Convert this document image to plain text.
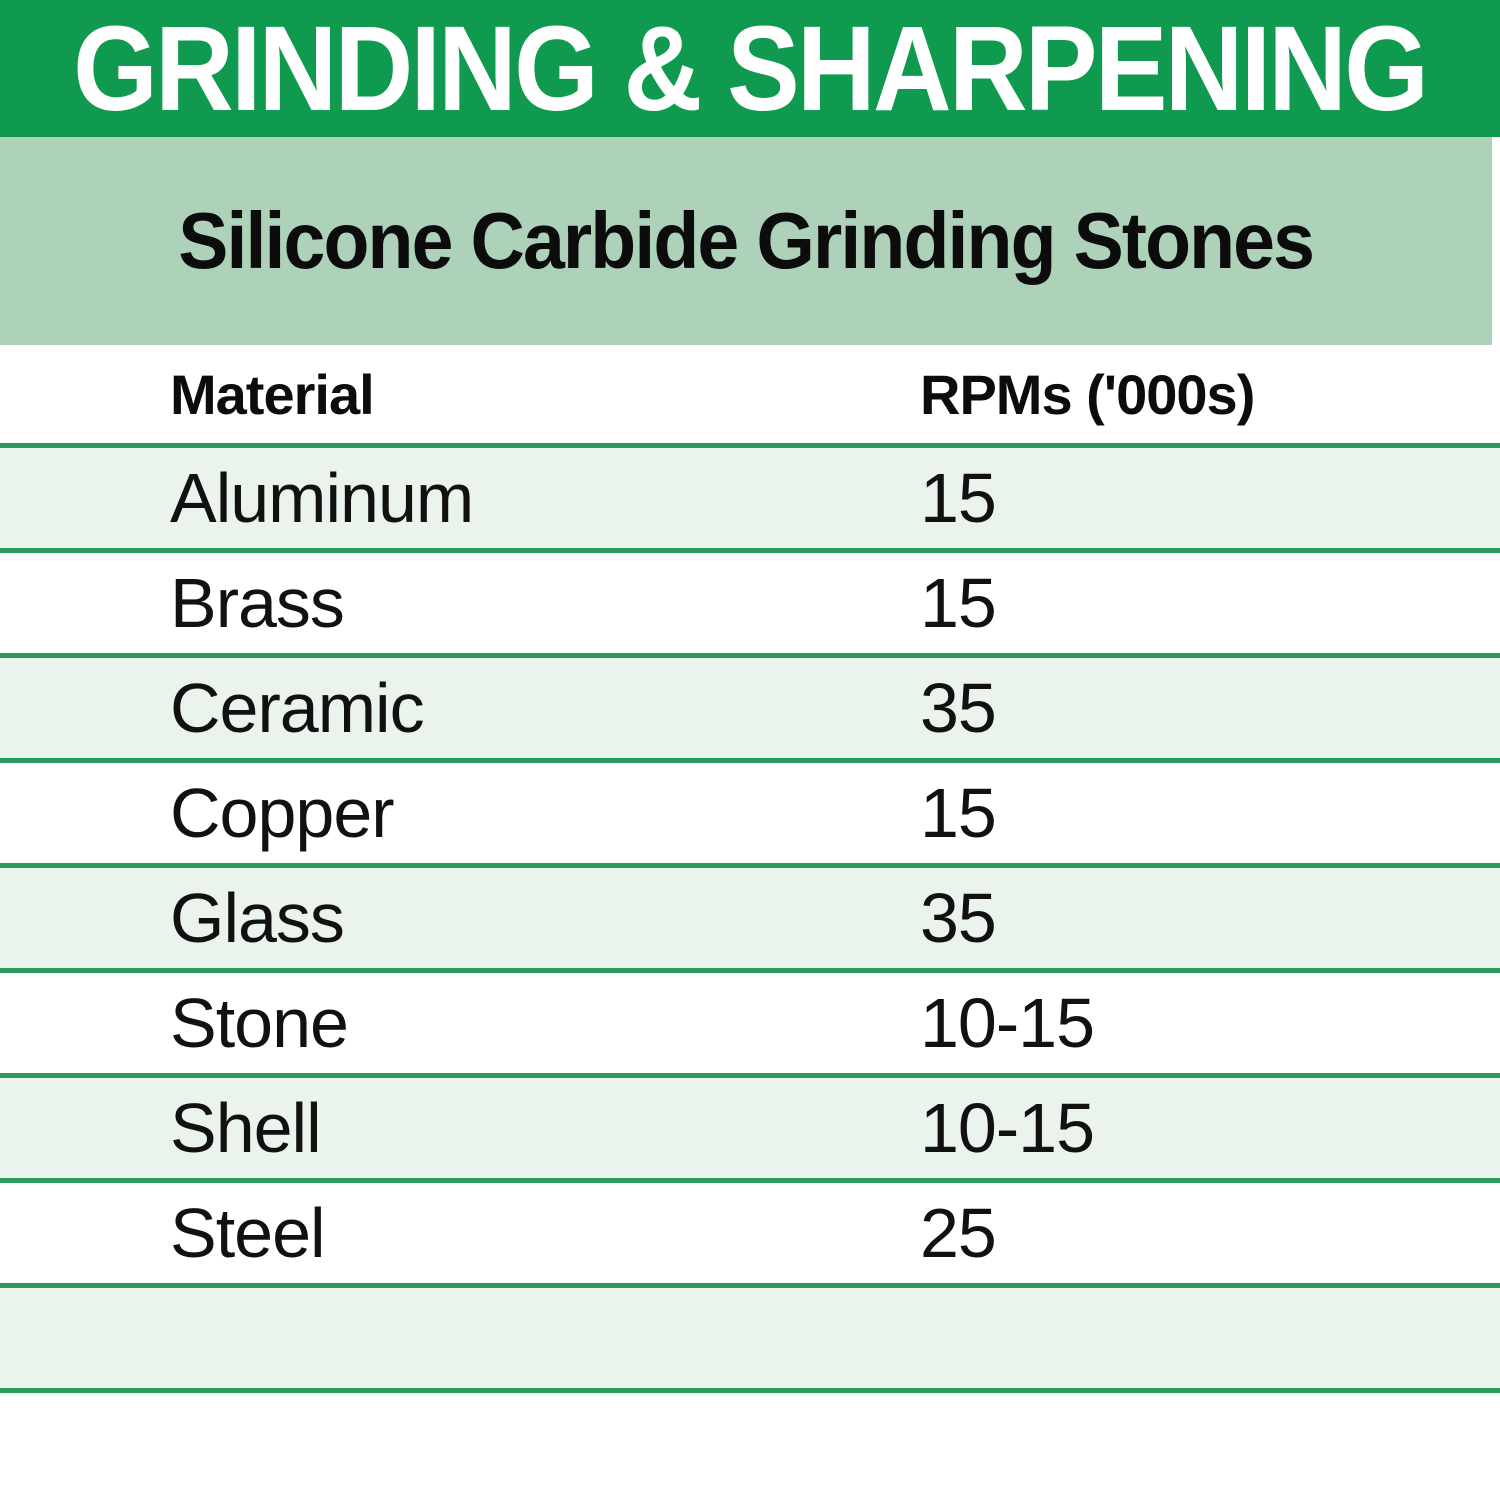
GRINDING & SHARPENING
Silicone Carbide Grinding Stones
Material	RPMs ('000s)
Aluminum	15
Brass	15
Ceramic	35
Copper	15
Glass	35
Stone	10-15
Shell	10-15
Steel	25
